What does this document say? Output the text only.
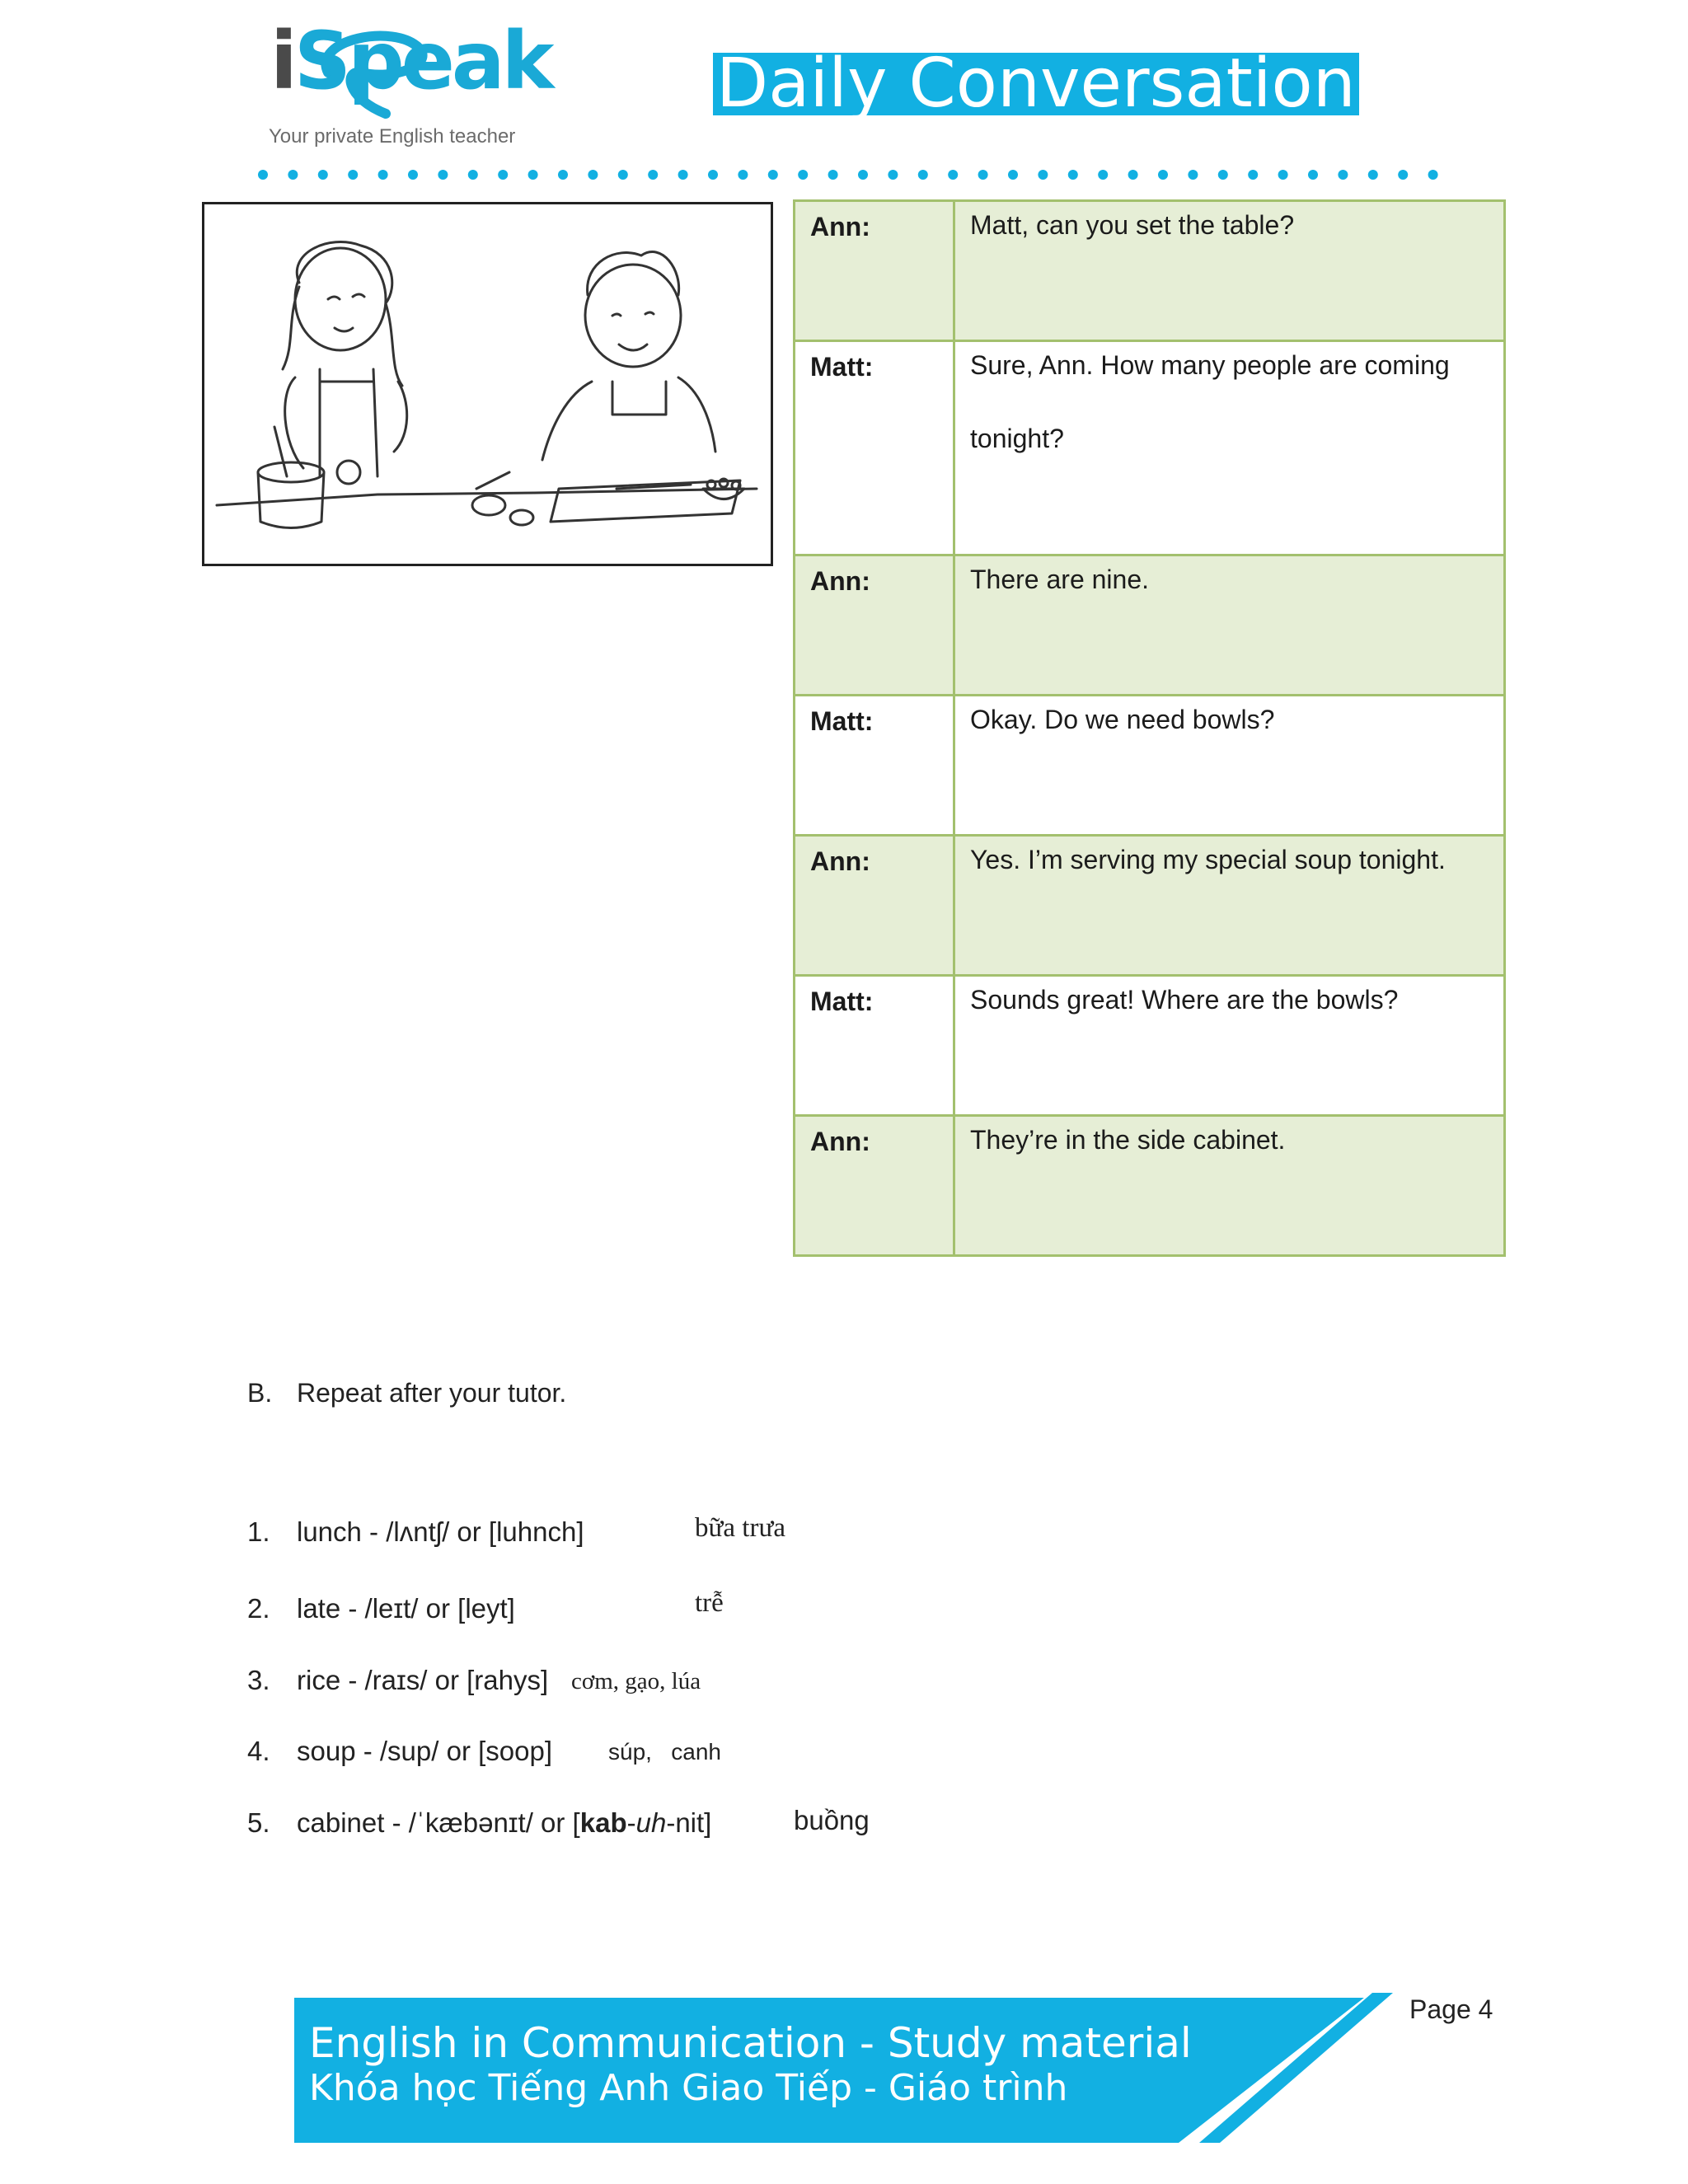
iSpeak
Your private English teacher
Daily Conversation
Ann:	Matt, can you set the table?

Matt:	Sure, Ann. How many people are coming
tonight?

Ann:	There are nine.

Matt:	Okay. Do we need bowls?

Ann:	Yes. I’m serving my special soup tonight.

Matt:	Sounds great! Where are the bowls?

Ann:	They’re in the side cabinet.
B. Repeat after your tutor.
1. lunch - /lʌntʃ/ or [luhnch]	bữa trưa
2. late - /leɪt/ or [leyt]	trễ
3. rice - /raɪs/ or [rahys] cơm, gạo, lúa
4. soup - /sup/ or [soop] súp,   canh
5. cabinet - /ˈkæbənɪt/ or [kab-uh-nit]	buồng
English in Communication - Study material
Khóa học Tiếng Anh Giao Tiếp - Giáo trình
Page 4
